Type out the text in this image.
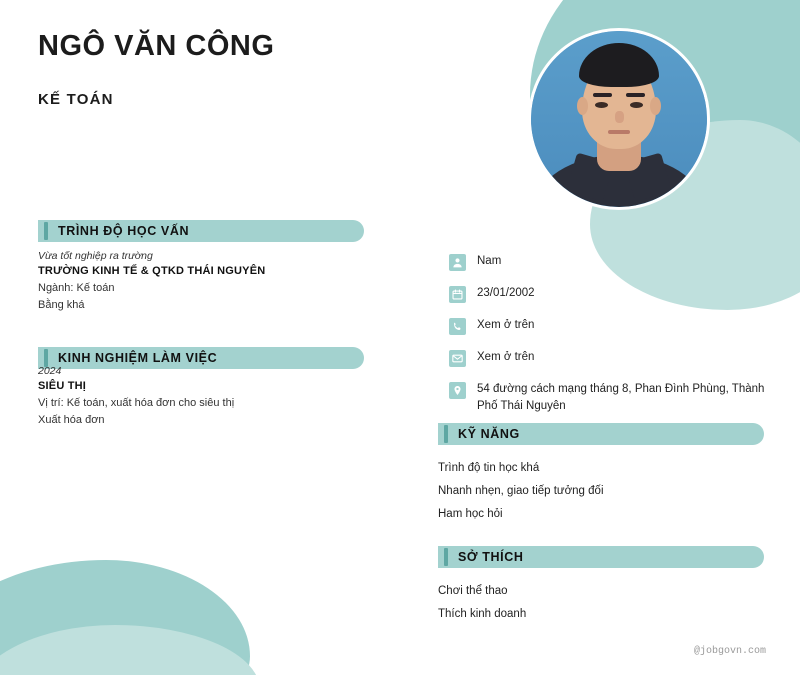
NGÔ VĂN CÔNG
KẾ TOÁN
TRÌNH ĐỘ HỌC VẤN
KINH NGHIỆM LÀM VIỆC
Vừa tốt nghiệp ra trường
TRƯỜNG KINH TẾ & QTKD THÁI NGUYÊN
Ngành: Kế toán
Bằng khá
2024
SIÊU THỊ
Vị trí: Kế toán, xuất hóa đơn cho siêu thị
Xuất hóa đơn
Nam
23/01/2002
Xem ở trên
Xem ở trên
54 đường cách mạng tháng 8, Phan Đình Phùng, Thành Phố Thái Nguyên
KỸ NĂNG
Trình độ tin học khá
Nhanh nhẹn, giao tiếp tưởng đối
Ham học hỏi
SỞ THÍCH
Chơi thể thao
Thích kinh doanh
@jobgovn.com
